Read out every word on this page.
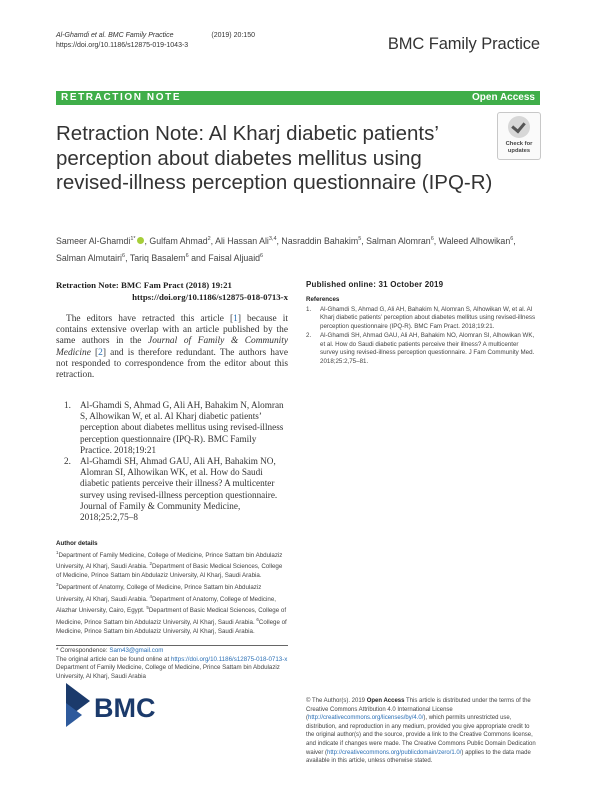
Al-Ghamdi et al. BMC Family Practice	(2019) 20:150
https://doi.org/10.1186/s12875-019-1043-3	BMC Family Practice
RETRACTION NOTE	Open Access
Retraction Note: Al Kharj diabetic patients’ perception about diabetes mellitus using revised-illness perception questionnaire (IPQ-R)
Check for
updates
Sameer Al-Ghamdi$^{1*}$ , Gulfam Ahmad$^2$, Ali Hassan Ali$^{3,4}$, Nasraddin Bahakim$^5$, Salman Alomran$^6$, Waleed Alhowikan$^6$, Salman Almutairi$^6$, Tariq Basalem$^6$ and Faisal Aljuaid$^6$
Retraction Note: BMC Fam Pract (2018) 19:21
https://doi.org/10.1186/s12875-018-0713-x
The editors have retracted this article [1] because it contains extensive overlap with an article published by the same authors in the Journal of Family & Community Medicine [2] and is therefore redundant. The authors have not responded to correspondence from the editor about this retraction.
1. Al-Ghamdi S, Ahmad G, Ali AH, Bahakim N, Alomran S, Alhowikan W, et al. Al Kharj diabetic patients’ perception about diabetes mellitus using revised-illness perception questionnaire (IPQ-R). BMC Family Practice. 2018;19:21
2. Al-Ghamdi SH, Ahmad GAU, Ali AH, Bahakim NO, Alomran SI, Alhowikan WK, et al. How do Saudi diabetic patients perceive their illness? A multicenter survey using revised-illness perception questionnaire. Journal of Family & Community Medicine, 2018;25:2,75–8
Author details
$^1$Department of Family Medicine, College of Medicine, Prince Sattam bin Abdulaziz University, Al Kharj, Saudi Arabia. $^2$Department of Basic Medical Sciences, College of Medicine, Prince Sattam bin Abdulaziz University, Al Kharj, Saudi Arabia. $^3$Department of Anatomy, College of Medicine, Prince Sattam bin Abdulaziz University, Al Kharj, Saudi Arabia. $^4$Department of Anatomy, College of Medicine, Alazhar University, Cairo, Egypt. $^5$Department of Basic Medical Sciences, College of Medicine, Prince Sattam bin Abdulaziz University, Al Kharj, Saudi Arabia. $^6$College of Medicine, Prince Sattam bin Abdulaziz University, Al Kharj, Saudi Arabia.
* Correspondence: Sam43@gmail.com
The original article can be found online at https://doi.org/10.1186/s12875-018-0713-x
Department of Family Medicine, College of Medicine, Prince Sattam bin Abdulaziz University, Al Kharj, Saudi Arabia
Published online: 31 October 2019
References
1. Al-Ghamdi S, Ahmad G, Ali AH, Bahakim N, Alomran S, Alhowikan W, et al. Al Kharj diabetic patients’ perception about diabetes mellitus using revised-illness perception questionnaire (IPQ-R). BMC Fam Pract. 2018;19:21.
2. Al-Ghamdi SH, Ahmad GAU, Ali AH, Bahakim NO, Alomran SI, Alhowikan WK, et al. How do Saudi diabetic patients perceive their illness? A multicenter survey using revised-illness perception questionnaire. J Fam Community Med. 2018;25:2,75–81.
BMC	© The Author(s). 2019 Open Access This article is distributed under the terms of the Creative Commons Attribution 4.0 International License (http://creativecommons.org/licenses/by/4.0/), which permits unrestricted use, distribution, and reproduction in any medium, provided you give appropriate credit to the original author(s) and the source, provide a link to the Creative Commons license, and indicate if changes were made. The Creative Commons Public Domain Dedication waiver (http://creativecommons.org/publicdomain/zero/1.0/) applies to the data made available in this article, unless otherwise stated.
